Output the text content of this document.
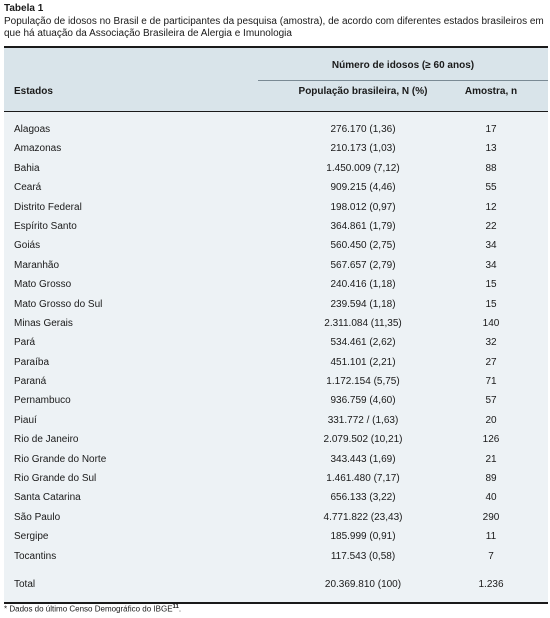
Tabela 1
População de idosos no Brasil e de participantes da pesquisa (amostra), de acordo com diferentes estados brasileiros em que há atuação da Associação Brasileira de Alergia e Imunologia
Número de idosos (≥ 60 anos)
Estados	População brasileira, N (%)	Amostra, n
Alagoas	276.170 (1,36)	17
Amazonas	210.173 (1,03)	13
Bahia	1.450.009 (7,12)	88
Ceará	909.215 (4,46)	55
Distrito Federal	198.012 (0,97)	12
Espírito Santo	364.861 (1,79)	22
Goiás	560.450 (2,75)	34
Maranhão	567.657 (2,79)	34
Mato Grosso	240.416 (1,18)	15
Mato Grosso do Sul	239.594 (1,18)	15
Minas Gerais	2.311.084 (11,35)	140
Pará	534.461 (2,62)	32
Paraíba	451.101 (2,21)	27
Paraná	1.172.154 (5,75)	71
Pernambuco	936.759 (4,60)	57
Piauí	331.772 / (1,63)	20
Rio de Janeiro	2.079.502 (10,21)	126
Rio Grande do Norte	343.443 (1,69)	21
Rio Grande do Sul	1.461.480 (7,17)	89
Santa Catarina	656.133 (3,22)	40
São Paulo	4.771.822 (23,43)	290
Sergipe	185.999 (0,91)	11
Tocantins	117.543 (0,58)	7
Total	20.369.810 (100)	1.236
* Dados do último Censo Demográfico do IBGE$^{11}$.
